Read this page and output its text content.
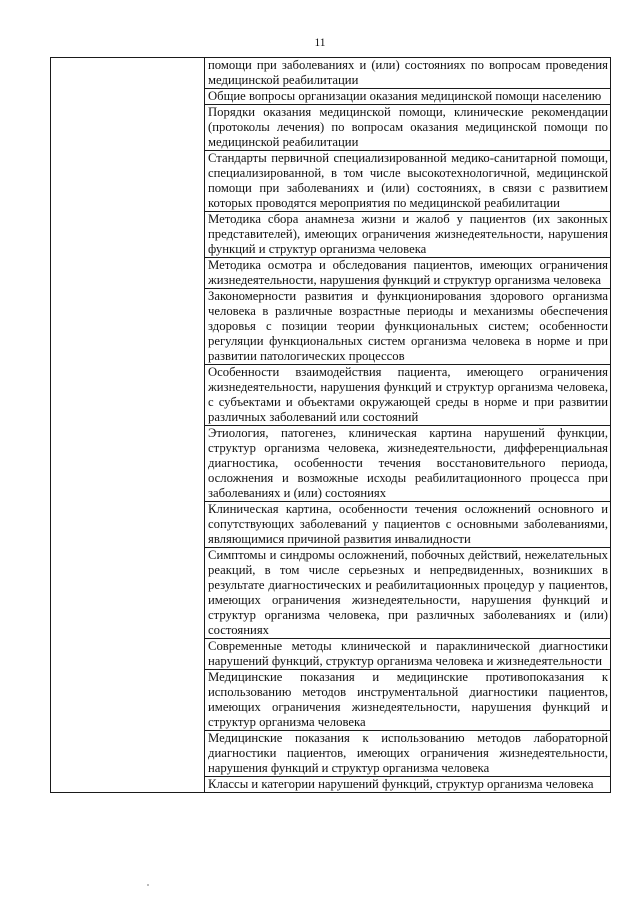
11

помощи при заболеваниях и (или) состояниях по вопросам проведения медицинской реабилитации

Общие вопросы организации оказания медицинской помощи населению

Порядки оказания медицинской помощи, клинические рекомендации (протоколы лечения) по вопросам оказания медицинской помощи по медицинской реабилитации

Стандарты первичной специализированной медико-санитарной помощи, специализированной, в том числе высокотехнологичной, медицинской помощи при заболеваниях и (или) состояниях, в связи с развитием которых проводятся мероприятия по медицинской реабилитации

Методика сбора анамнеза жизни и жалоб у пациентов (их законных представителей), имеющих ограничения жизнедеятельности, нарушения функций и структур организма человека

Методика осмотра и обследования пациентов, имеющих ограничения жизнедеятельности, нарушения функций и структур организма человека

Закономерности развития и функционирования здорового организма человека в различные возрастные периоды и механизмы обеспечения здоровья с позиции теории функциональных систем; особенности регуляции функциональных систем организма человека в норме и при развитии патологических процессов

Особенности взаимодействия пациента, имеющего ограничения жизнедеятельности, нарушения функций и структур организма человека, с субъектами и объектами окружающей среды в норме и при развитии различных заболеваний или состояний

Этиология, патогенез, клиническая картина нарушений функции, структур организма человека, жизнедеятельности, дифференциальная диагностика, особенности течения восстановительного периода, осложнения и возможные исходы реабилитационного процесса при заболеваниях и (или) состояниях

Клиническая картина, особенности течения осложнений основного и сопутствующих заболеваний у пациентов с основными заболеваниями, являющимися причиной развития инвалидности

Симптомы и синдромы осложнений, побочных действий, нежелательных реакций, в том числе серьезных и непредвиденных, возникших в результате диагностических и реабилитационных процедур у пациентов, имеющих ограничения жизнедеятельности, нарушения функций и структур организма человека, при различных заболеваниях и (или) состояниях

Современные методы клинической и параклинической диагностики нарушений функций, структур организма человека и жизнедеятельности

Медицинские показания и медицинские противопоказания к использованию методов инструментальной диагностики пациентов, имеющих ограничения жизнедеятельности, нарушения функций и структур организма человека

Медицинские показания к использованию методов лабораторной диагностики пациентов, имеющих ограничения жизнедеятельности, нарушения функций и структур организма человека

Классы и категории нарушений функций, структур организма человека
